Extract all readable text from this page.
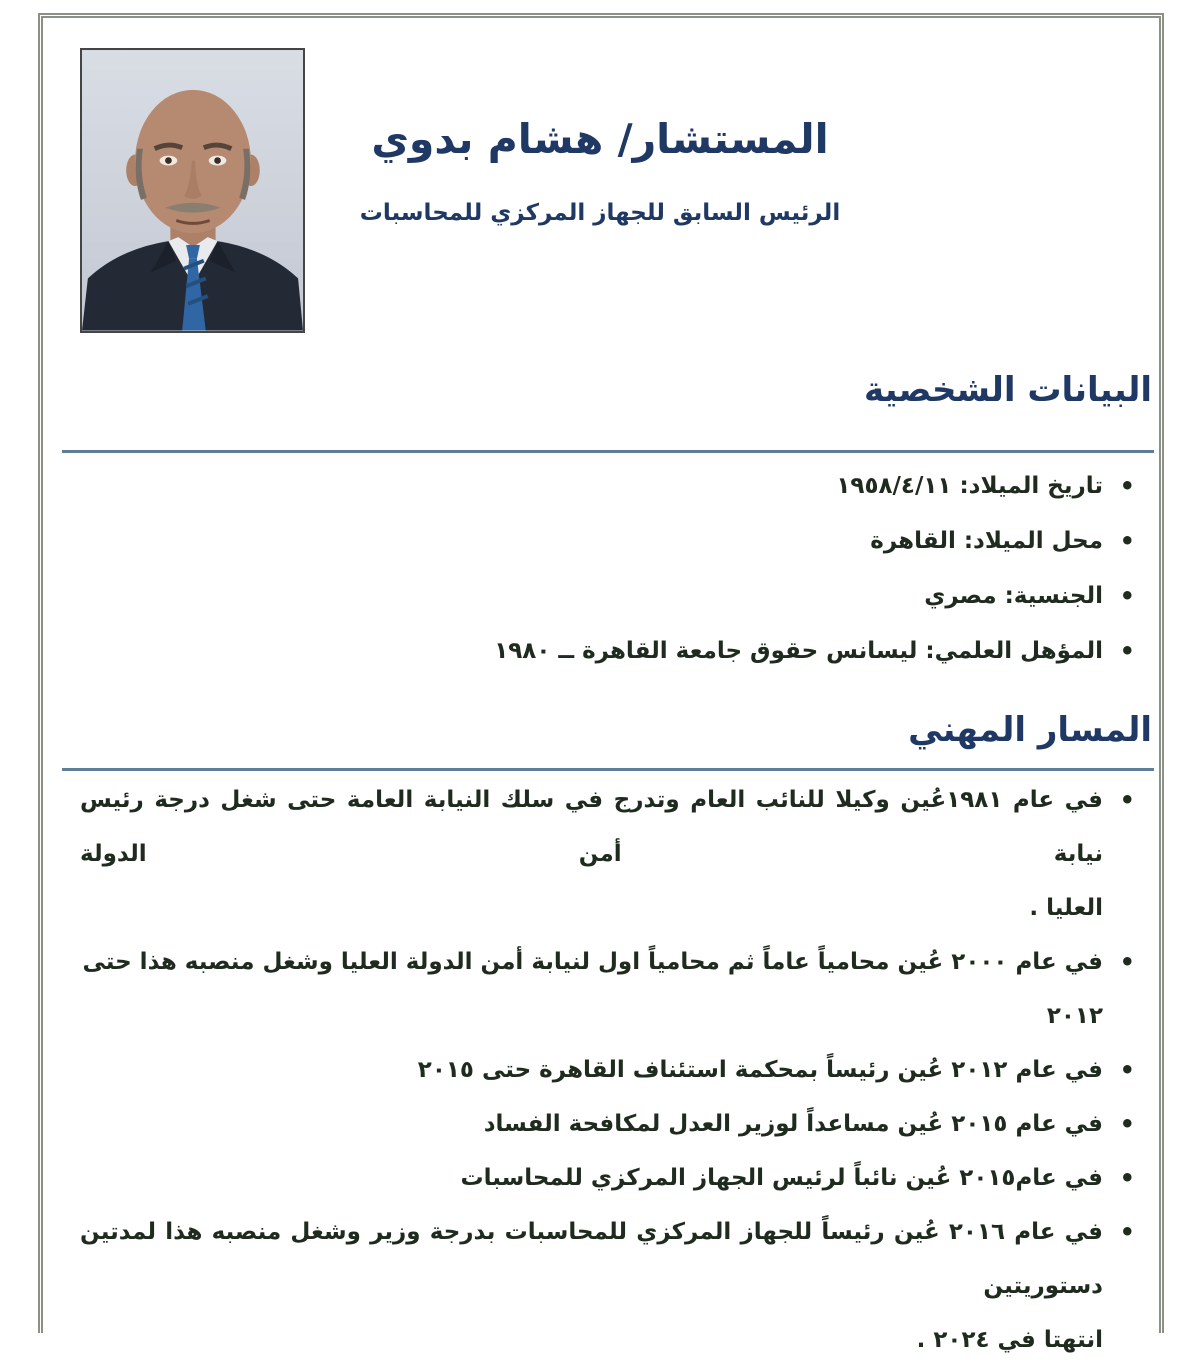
المستشار/ هشام بدوي
الرئيس السابق للجهاز المركزي للمحاسبات
البيانات الشخصية
•
تاريخ الميلاد: ١٩٥٨/٤/١١
•
محل الميلاد: القاهرة
•
الجنسية: مصري
•
المؤهل العلمي: ليسانس حقوق جامعة القاهرة ــ ١٩٨٠
المسار المهني
•
في عام ١٩٨١عُين وكيلا للنائب العام وتدرج في سلك النيابة العامة حتى شغل درجة رئيس نيابة أمن الدولة
العليا .
•
في عام ٢٠٠٠ عُين محامياً عاماً ثم محامياً اول لنيابة أمن الدولة العليا وشغل منصبه هذا حتى ٢٠١٢
•
في عام ٢٠١٢ عُين رئيساً بمحكمة استئناف القاهرة حتى ٢٠١٥
•
في عام ٢٠١٥ عُين مساعداً لوزير العدل لمكافحة الفساد
•
في عام٢٠١٥ عُين نائباً لرئيس الجهاز المركزي للمحاسبات
•
في عام ٢٠١٦ عُين رئيساً للجهاز المركزي للمحاسبات بدرجة وزير وشغل منصبه هذا لمدتين دستوريتين
انتهتا في ٢٠٢٤ .
